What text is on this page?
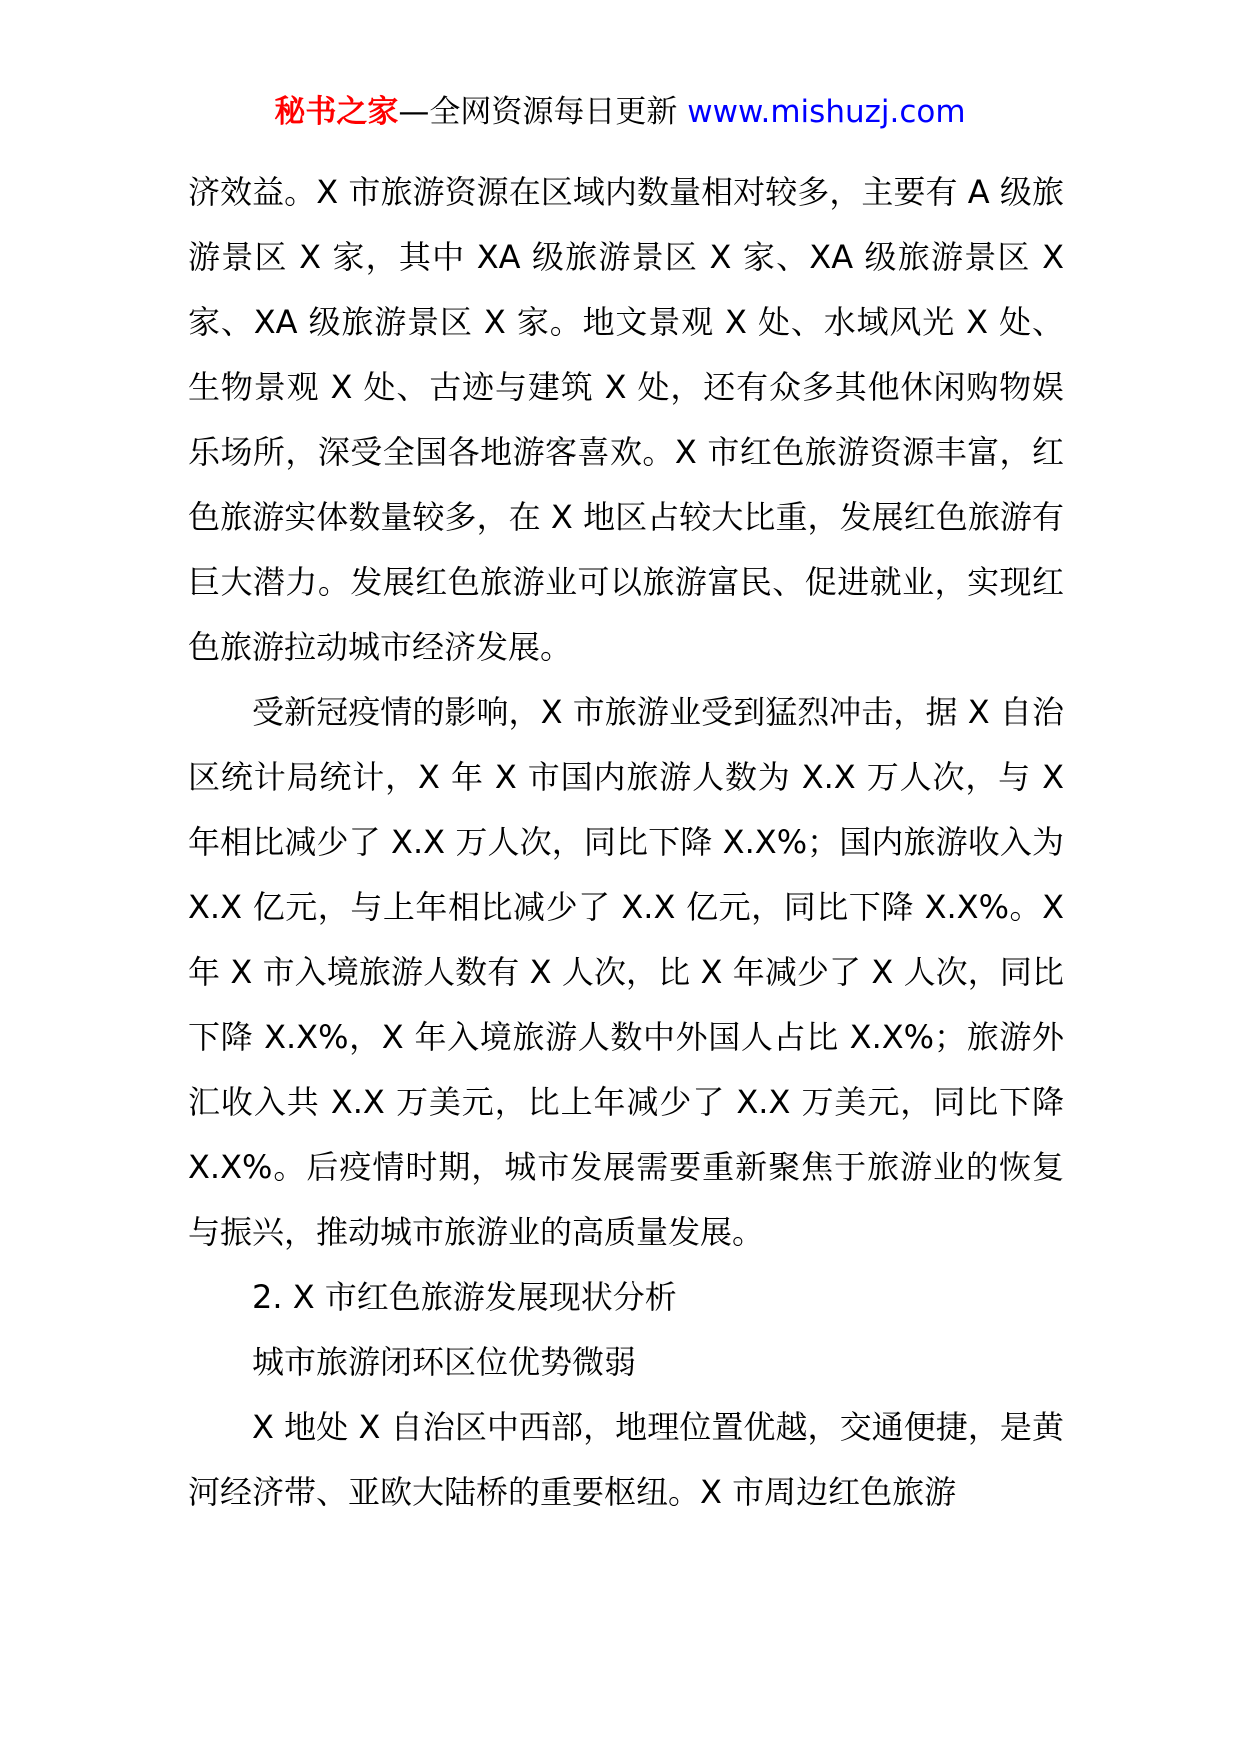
秘书之家—全网资源每日更新 www.mishuzj.com

济效益。X 市旅游资源在区域内数量相对较多，主要有 A 级旅游景区 X 家，其中 XA 级旅游景区 X 家、XA 级旅游景区 X 家、XA 级旅游景区 X 家。地文景观 X 处、水域风光 X 处、生物景观 X 处、古迹与建筑 X 处，还有众多其他休闲购物娱乐场所，深受全国各地游客喜欢。X 市红色旅游资源丰富，红色旅游实体数量较多，在 X 地区占较大比重，发展红色旅游有巨大潜力。发展红色旅游业可以旅游富民、促进就业，实现红色旅游拉动城市经济发展。

受新冠疫情的影响，X 市旅游业受到猛烈冲击，据 X 自治区统计局统计，X 年 X 市国内旅游人数为 X.X 万人次，与 X 年相比减少了 X.X 万人次，同比下降 X.X%；国内旅游收入为 X.X 亿元，与上年相比减少了 X.X 亿元，同比下降 X.X%。X 年 X 市入境旅游人数有 X 人次，比 X 年减少了 X 人次，同比下降 X.X%，X 年入境旅游人数中外国人占比 X.X%；旅游外汇收入共 X.X 万美元，比上年减少了 X.X 万美元，同比下降 X.X%。后疫情时期，城市发展需要重新聚焦于旅游业的恢复与振兴，推动城市旅游业的高质量发展。

2. X 市红色旅游发展现状分析

城市旅游闭环区位优势微弱

X 地处 X 自治区中西部，地理位置优越，交通便捷，是黄河经济带、亚欧大陆桥的重要枢纽。X 市周边红色旅游
